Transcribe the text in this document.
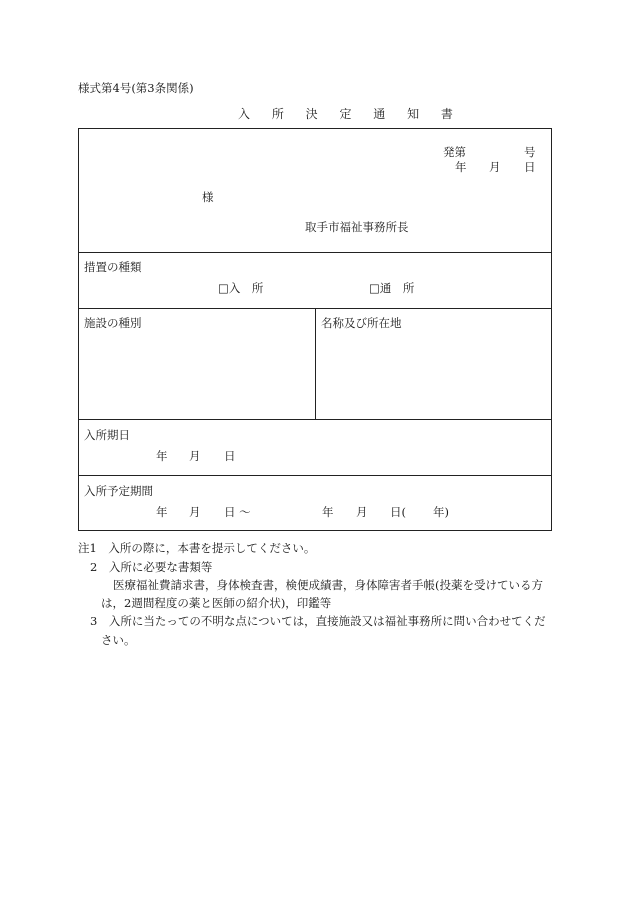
様式第4号(第3条関係)
入 所 決 定 通 知 書
発第	号
年 月 日
様
取手市福祉事務所長
措置の種類
□入　所	□通　所
施設の種別	名称及び所在地
入所期日
年 月 日
入所予定期間
年 月 日 ～	年 月 日( 年)
注1　入所の際に，本書を提示してください。
2　入所に必要な書類等
医療福祉費請求書，身体検査書，検便成績書，身体障害者手帳(投薬を受けている方
は，2週間程度の薬と医師の紹介状)，印鑑等
3　入所に当たっての不明な点については，直接施設又は福祉事務所に問い合わせてくだ
さい。
